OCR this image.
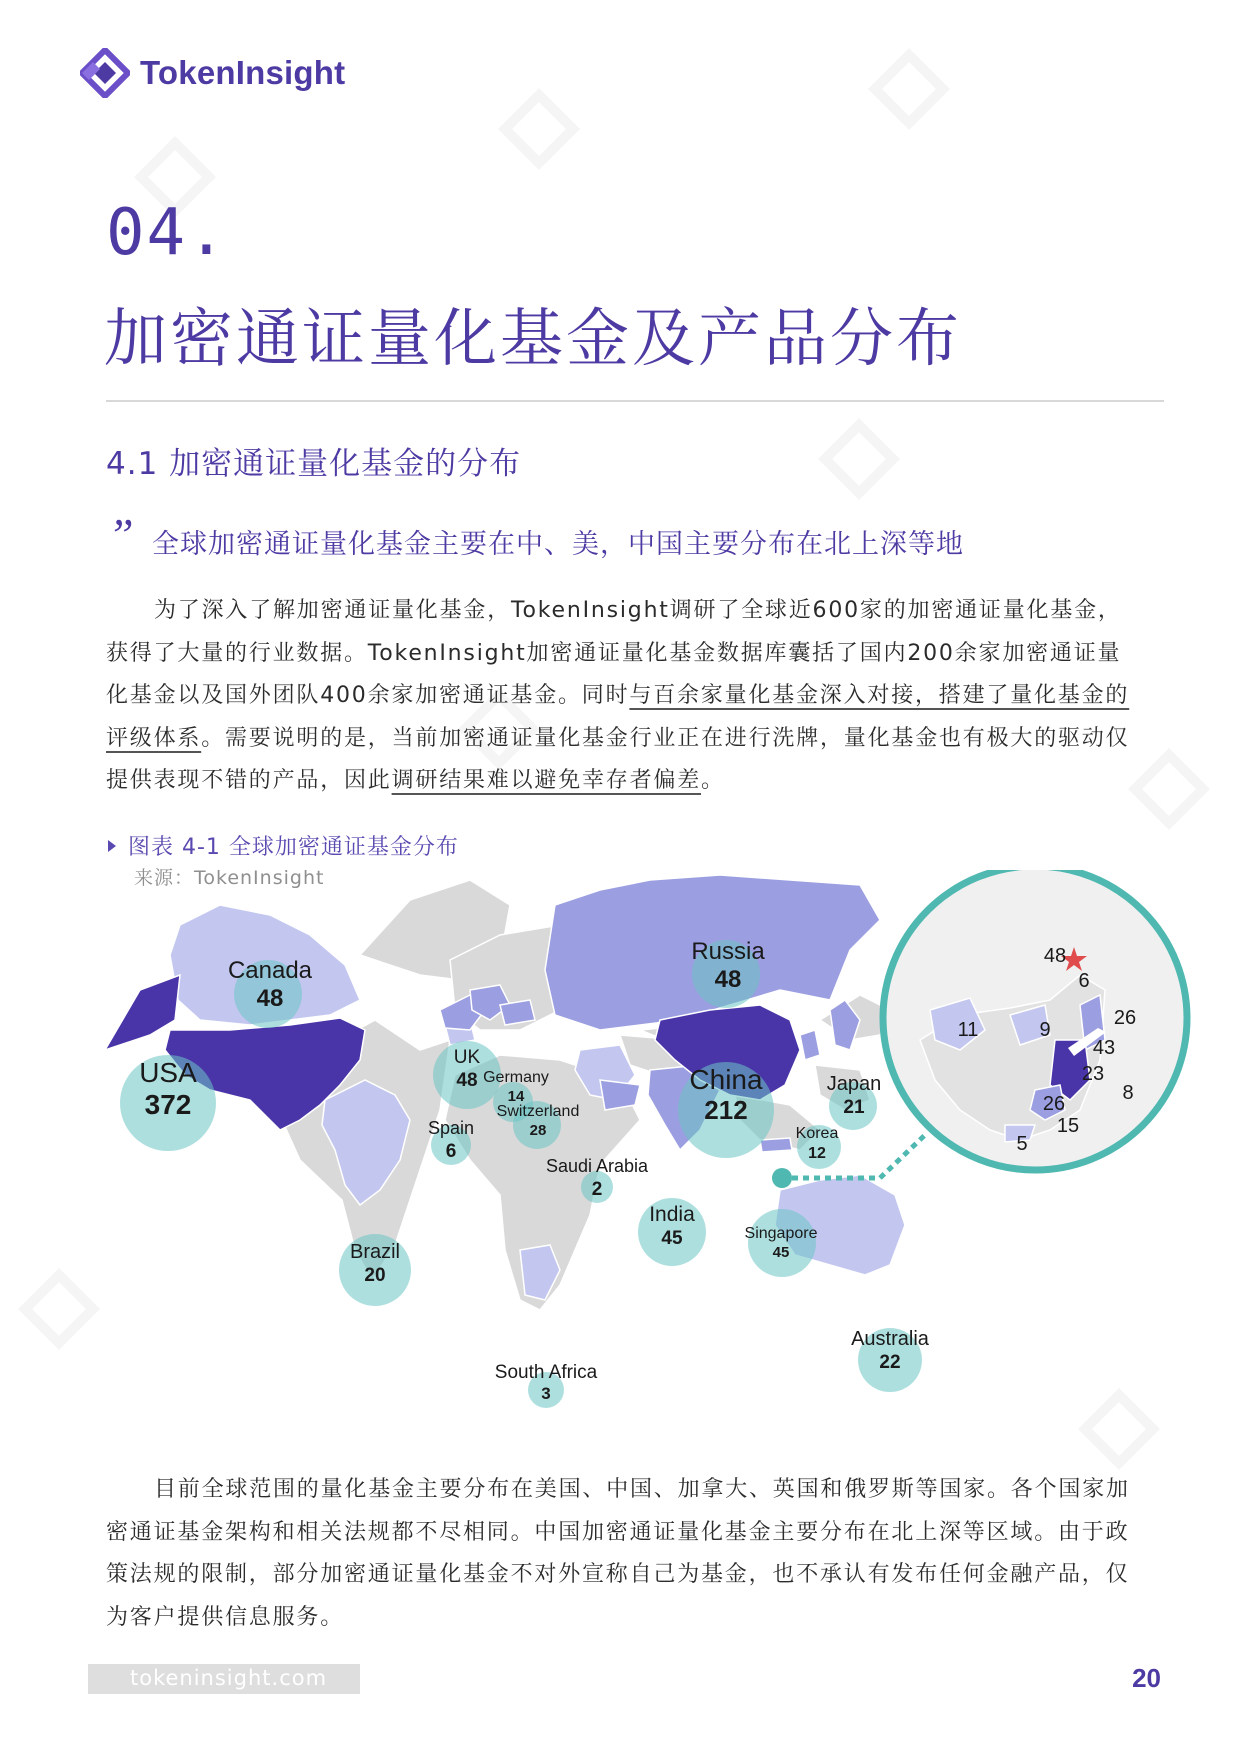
TokenInsight
04.
加密通证量化基金及产品分布
4.1 加密通证量化基金的分布
” 全球加密通证量化基金主要在中、美，中国主要分布在北上深等地

为了深入了解加密通证量化基金，TokenInsight调研了全球近600家的加密通证量化基金，获得了大量的行业数据。TokenInsight加密通证量化基金数据库囊括了国内200余家加密通证量化基金以及国外团队400余家加密通证基金。同时与百余家量化基金深入对接，搭建了量化基金的评级体系。需要说明的是，当前加密通证量化基金行业正在进行洗牌，量化基金也有极大的驱动仅提供表现不错的产品，因此调研结果难以避免幸存者偏差。

图表 4-1 全球加密通证基金分布
来源：TokenInsight
USA
372
China
212
Canada
48
Russia
48
UK
48 Germany
14
Switzerland
28
Spain
6
Saudi Arabia
2
India
45
Japan
21
Korea
12
Singapore
45
Brazil
20
Australia
22
South Africa
3
48
6
11	9
26
43
23
8
26
15
5

目前全球范围的量化基金主要分布在美国、中国、加拿大、英国和俄罗斯等国家。各个国家加密通证基金架构和相关法规都不尽相同。中国加密通证量化基金主要分布在北上深等区域。由于政策法规的限制，部分加密通证量化基金不对外宣称自己为基金，也不承认有发布任何金融产品，仅为客户提供信息服务。

tokeninsight.com	20
